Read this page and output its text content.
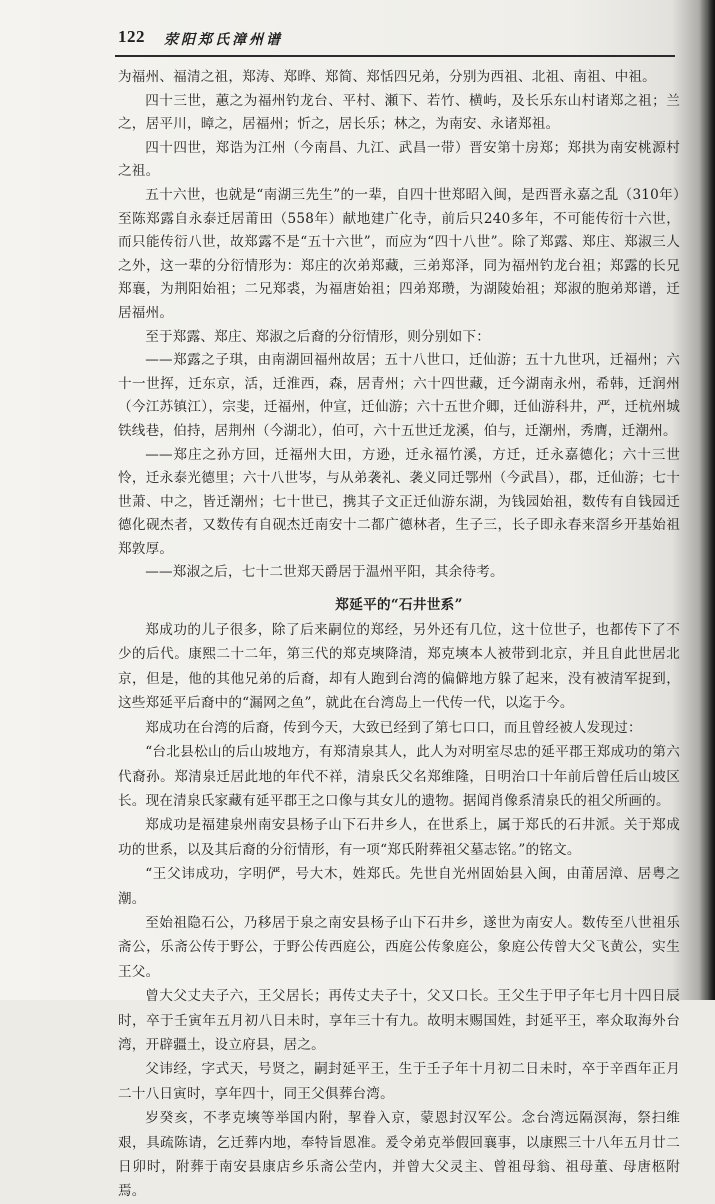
122 荥阳郑氏漳州谱

为福州、福清之祖，郑涛、郑晔、郑简、郑恬四兄弟，分别为西祖、北祖、南祖、中祖。

四十三世，蕙之为福州钓龙台、平村、瀬下、若竹、横屿，及长乐东山村诸郑之祖；兰之，居平川，暲之，居福州；忻之，居长乐；林之，为南安、永诸郑祖。

四十四世，郑诰为江州（今南昌、九江、武昌一带）晋安第十房郑；郑拱为南安桃源村之祖。

五十六世，也就是“南湖三先生”的一辈，自四十世郑昭入闽，是西晋永嘉之乱（310年）至陈郑露自永泰迁居莆田（558年）献地建广化寺，前后只240多年，不可能传衍十六世，而只能传衍八世，故郑露不是“五十六世”，而应为“四十八世”。除了郑露、郑庄、郑淑三人之外，这一辈的分衍情形为：郑庄的次弟郑藏，三弟郑泽，同为福州钓龙台祖；郑露的长兄郑襄，为荆阳始祖；二兄郑裘，为福唐始祖；四弟郑瓒，为湖陵始祖；郑淑的胞弟郑谱，迁居福州。

至于郑露、郑庄、郑淑之后裔的分衍情形，则分别如下：

——郑露之子琪，由南湖回福州故居；五十八世口，迁仙游；五十九世巩，迁福州；六十一世挥，迁东京，活，迁淮西，森，居青州；六十四世藏，迁今湖南永州，希韩，迁润州（今江苏镇江），宗斐，迁福州，仲宣，迁仙游；六十五世介卿，迁仙游科井，严，迁杭州城铁线巷，伯持，居荆州（今湖北），伯可，六十五世迁龙溪，伯与，迁潮州，秀膺，迁潮州。

——郑庄之孙方回，迁福州大田，方逊，迁永福竹溪，方迁，迁永嘉德化；六十三世怜，迁永泰光德里；六十八世岑，与从弟袭礼、袭义同迁鄂州（今武昌），郡，迁仙游；七十世萧、中之，皆迁潮州；七十世已，携其子文正迁仙游东湖，为钱园始祖，数传有自钱园迁德化砚杰者，又数传有自砚杰迁南安十二都广德林者，生子三，长子即永春来滘乡开基始祖郑敦厚。

——郑淑之后，七十二世郑天爵居于温州平阳，其余待考。

郑延平的“石井世系”

郑成功的儿子很多，除了后来嗣位的郑经，另外还有几位，这十位世子，也都传下了不少的后代。康熙二十二年，第三代的郑克塽降清，郑克塽本人被带到北京，并且自此世居北京，但是，他的其他兄弟的后裔，却有人跑到台湾的偏僻地方躲了起来，没有被清军捉到，这些郑延平后裔中的“漏网之鱼”，就此在台湾岛上一代传一代，以迄于今。

郑成功在台湾的后裔，传到今天，大致已经到了第七口口，而且曾经被人发现过：

“台北县松山的后山坡地方，有郑清泉其人，此人为对明室尽忠的延平郡王郑成功的第六代裔孙。郑清泉迁居此地的年代不祥，清泉氏父名郑维隆，日明治口十年前后曾任后山坡区长。现在清泉氏家藏有延平郡王之口像与其女儿的遗物。据闻肖像系清泉氏的祖父所画的。

郑成功是福建泉州南安县杨子山下石井乡人，在世系上，属于郑氏的石井派。关于郑成功的世系，以及其后裔的分衍情形，有一项“郑氏附葬祖父墓志铭。”的铭文。

“王父讳成功，字明俨，号大木，姓郑氏。先世自光州固始县入闽，由莆居漳、居粤之潮。

至始祖隐石公，乃移居于泉之南安县杨子山下石井乡，遂世为南安人。数传至八世祖乐斋公，乐斋公传于野公，于野公传西庭公，西庭公传象庭公，象庭公传曾大父飞黄公，实生王父。

曾大父丈夫子六，王父居长；再传丈夫子十，父又口长。王父生于甲子年七月十四日辰时，卒于壬寅年五月初八日未时，享年三十有九。故明末赐国姓，封延平王，率众取海外台湾，开辟疆土，设立府县，居之。

父讳经，字式天，号贤之，嗣封延平王，生于壬子年十月初二日未时，卒于辛酉年正月二十八日寅时，享年四十，同王父俱葬台湾。

岁癸亥，不孝克塽等举国内附，挈眷入京，蒙恩封汉军公。念台湾远隔溟海，祭扫维艰，具疏陈请，乞迁葬内地，奉特旨恩准。爰令弟克举假回襄事，以康熙三十八年五月廿二日卯时，附葬于南安县康店乡乐斋公茔内，并曾大父灵主、曾祖母翁、祖母董、母唐柩附焉。
